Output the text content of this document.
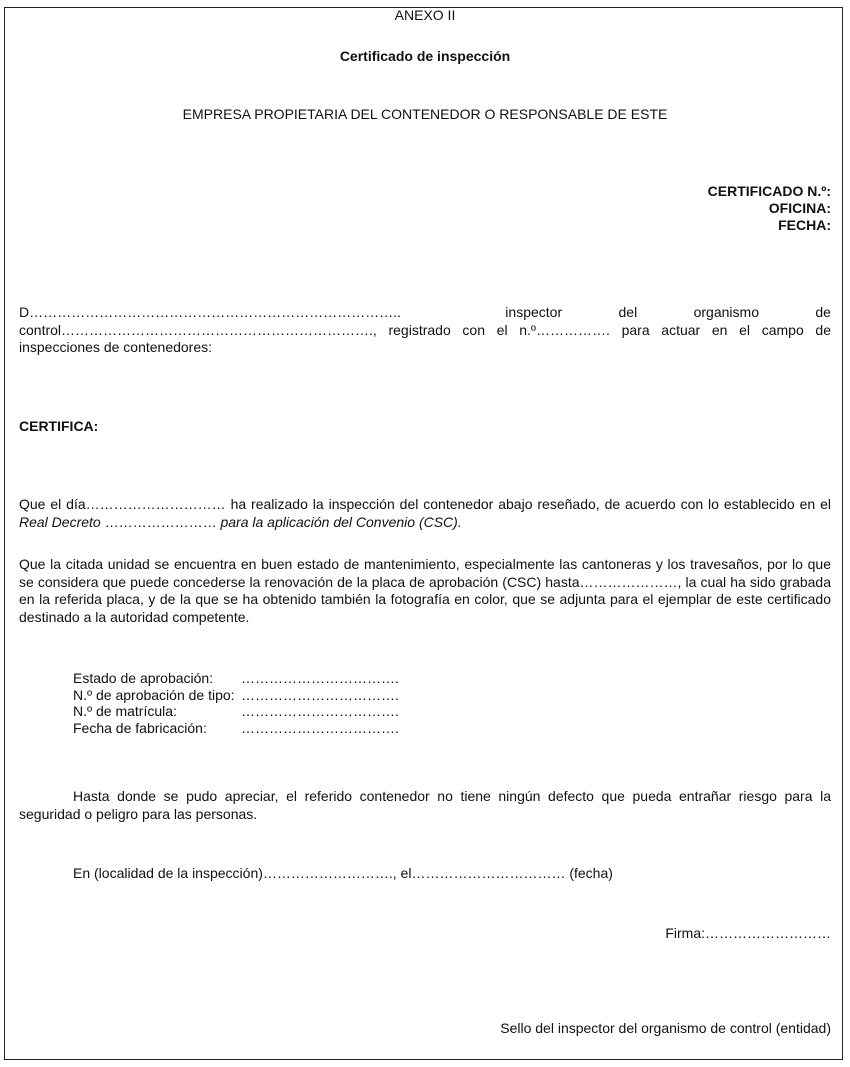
ANEXO II
Certificado de inspección
EMPRESA PROPIETARIA DEL CONTENEDOR O RESPONSABLE DE ESTE
CERTIFICADO N.º:
OFICINA:
FECHA:
D……………………………………………………………………..	inspector	del	organismo	de
control…………………………………………………………., registrado con el n.º……………. para actuar en el campo de
inspecciones de contenedores:
CERTIFICA:
Que el día………………………… ha realizado la inspección del contenedor abajo reseñado, de acuerdo con lo establecido en el
Real Decreto …………………… para la aplicación del Convenio (CSC).
Que la citada unidad se encuentra en buen estado de mantenimiento, especialmente las cantoneras y los travesaños, por lo que se considera que puede concederse la renovación de la placa de aprobación (CSC) hasta…………………, la cual ha sido grabada en la referida placa, y de la que se ha obtenido también la fotografía en color, que se adjunta para el ejemplar de este certificado destinado a la autoridad competente.
Estado de aprobación:	…………………………….
N.º de aprobación de tipo: …………………………….
N.º de matrícula:	…………………………….
Fecha de fabricación:	…………………………….
Hasta donde se pudo apreciar, el referido contenedor no tiene ningún defecto que pueda entrañar riesgo para la seguridad o peligro para las personas.
En (localidad de la inspección)………………………., el…………………………… (fecha)
Firma:………………………
Sello del inspector del organismo de control (entidad)
